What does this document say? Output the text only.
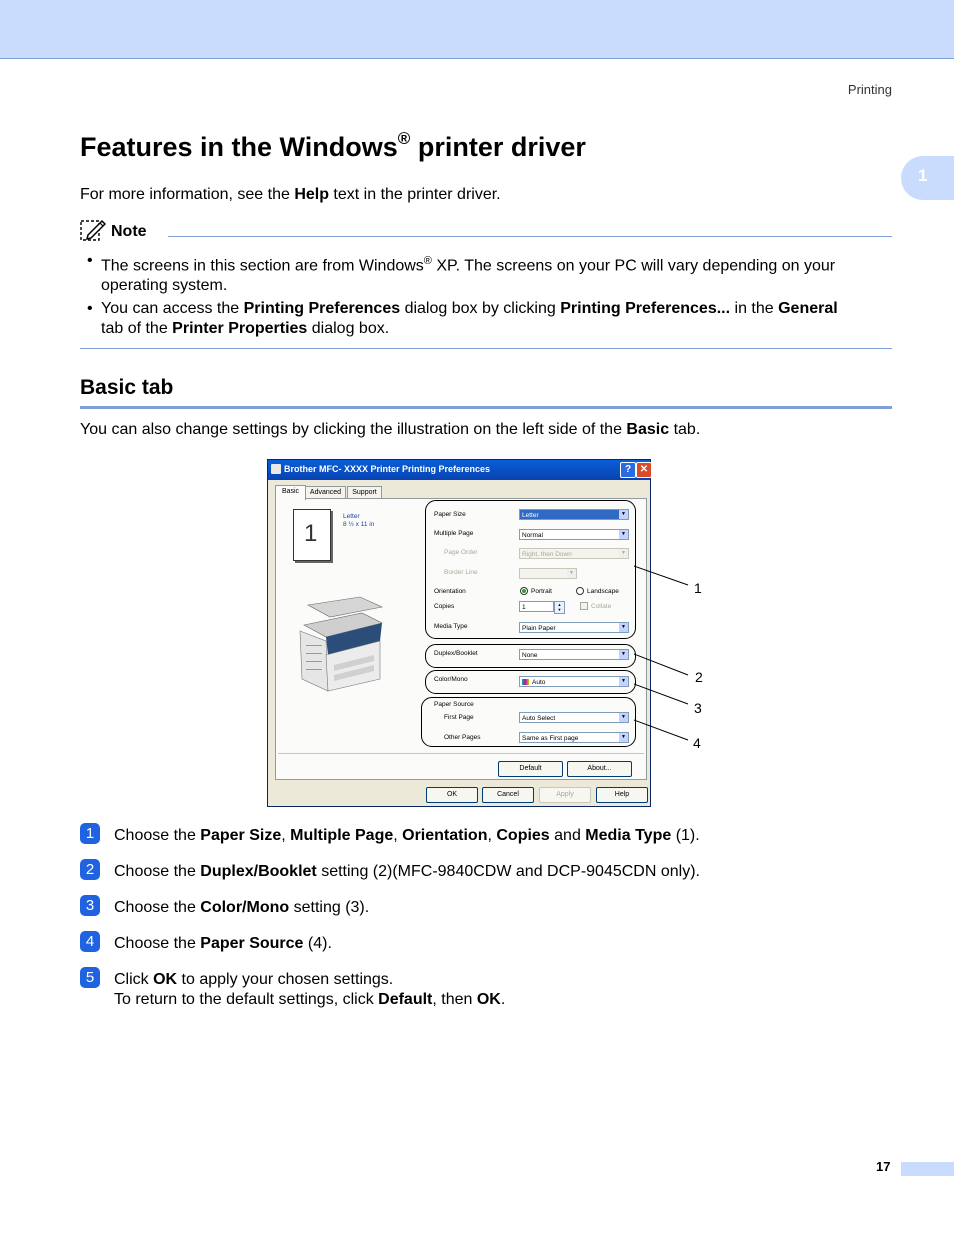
Printing
1
Features in the Windows® printer driver
For more information, see the Help text in the printer driver.
Note
• The screens in this section are from Windows® XP. The screens on your PC will vary depending on your
operating system.
• You can access the Printing Preferences dialog box by clicking Printing Preferences... in the General
tab of the Printer Properties dialog box.
Basic tab
You can also change settings by clicking the illustration on the left side of the Basic tab.
Brother MFC- XXXX Printer Printing Preferences	? ✕
Basic	Advanced	Support
1
Letter
8 ½ x 11 in
Paper Size	Letter	▼
Multiple Page	Normal	▼
Page Order	Right, then Down	▼
Border Line	▼
Orientation	Portrait	Landscape
Copies	1	▲
▼	Collate
Media Type	Plain Paper	▼
Duplex/Booklet	None	▼
Color/Mono	Auto	▼
Paper Source
First Page	Auto Select	▼
Other Pages	Same as First page	▼
Default	About...
OK	Cancel	Apply	Help
1
2
3
4
1	Choose the Paper Size, Multiple Page, Orientation, Copies and Media Type (1).
2	Choose the Duplex/Booklet setting (2)(MFC-9840CDW and DCP-9045CDN only).
3	Choose the Color/Mono setting (3).
4	Choose the Paper Source (4).
5	Click OK to apply your chosen settings.
To return to the default settings, click Default, then OK.
17
